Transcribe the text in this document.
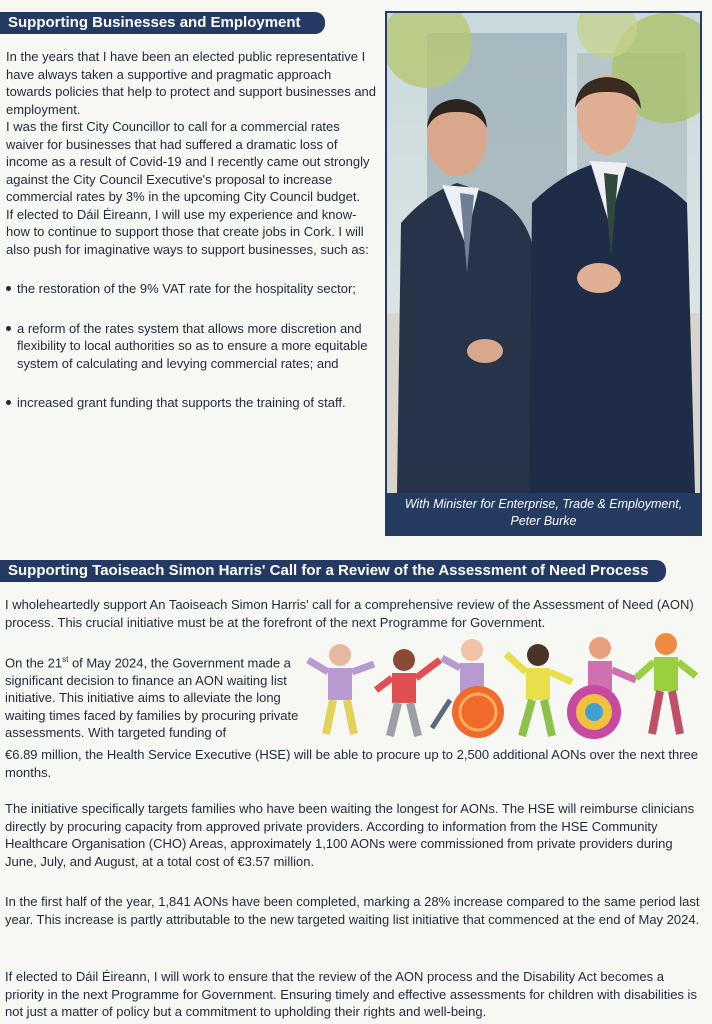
Supporting Businesses and Employment

In the years that I have been an elected public representative I have always taken a supportive and pragmatic approach towards policies that help to protect and support businesses and employment.

I was the first City Councillor to call for a commercial rates waiver for businesses that had suffered a dramatic loss of income as a result of Covid-19 and I recently came out strongly against the City Council Executive's proposal to increase commercial rates by 3% in the upcoming City Council budget.

If elected to Dáil Éireann, I will use my experience and know-how to continue to support those that create jobs in Cork. I will also push for imaginative ways to support businesses, such as:

the restoration of the 9% VAT rate for the hospitality sector;
a reform of the rates system that allows more discretion and flexibility to local authorities so as to ensure a more equitable system of calculating and levying commercial rates; and
increased grant funding that supports the training of staff.
With Minister for Enterprise, Trade & Employment,
Peter Burke
Supporting Taoiseach Simon Harris' Call for a Review of the Assessment of Need Process

I wholeheartedly support An Taoiseach Simon Harris' call for a comprehensive review of the Assessment of Need (AON) process. This crucial initiative must be at the forefront of the next Programme for Government.

On the 21st of May 2024, the Government made a significant decision to finance an AON waiting list initiative. This initiative aims to alleviate the long waiting times faced by families by procuring private assessments. With targeted funding of

€6.89 million, the Health Service Executive (HSE) will be able to procure up to 2,500 additional AONs over the next three months.

The initiative specifically targets families who have been waiting the longest for AONs. The HSE will reimburse clinicians directly by procuring capacity from approved private providers. According to information from the HSE Community Healthcare Organisation (CHO) Areas, approximately 1,100 AONs were commissioned from private providers during June, July, and August, at a total cost of €3.57 million.

In the first half of the year, 1,841 AONs have been completed, marking a 28% increase compared to the same period last year. This increase is partly attributable to the new targeted waiting list initiative that commenced at the end of May 2024.

If elected to Dáil Éireann, I will work to ensure that the review of the AON process and the Disability Act becomes a priority in the next Programme for Government. Ensuring timely and effective assessments for children with disabilities is not just a matter of policy but a commitment to upholding their rights and well-being.
